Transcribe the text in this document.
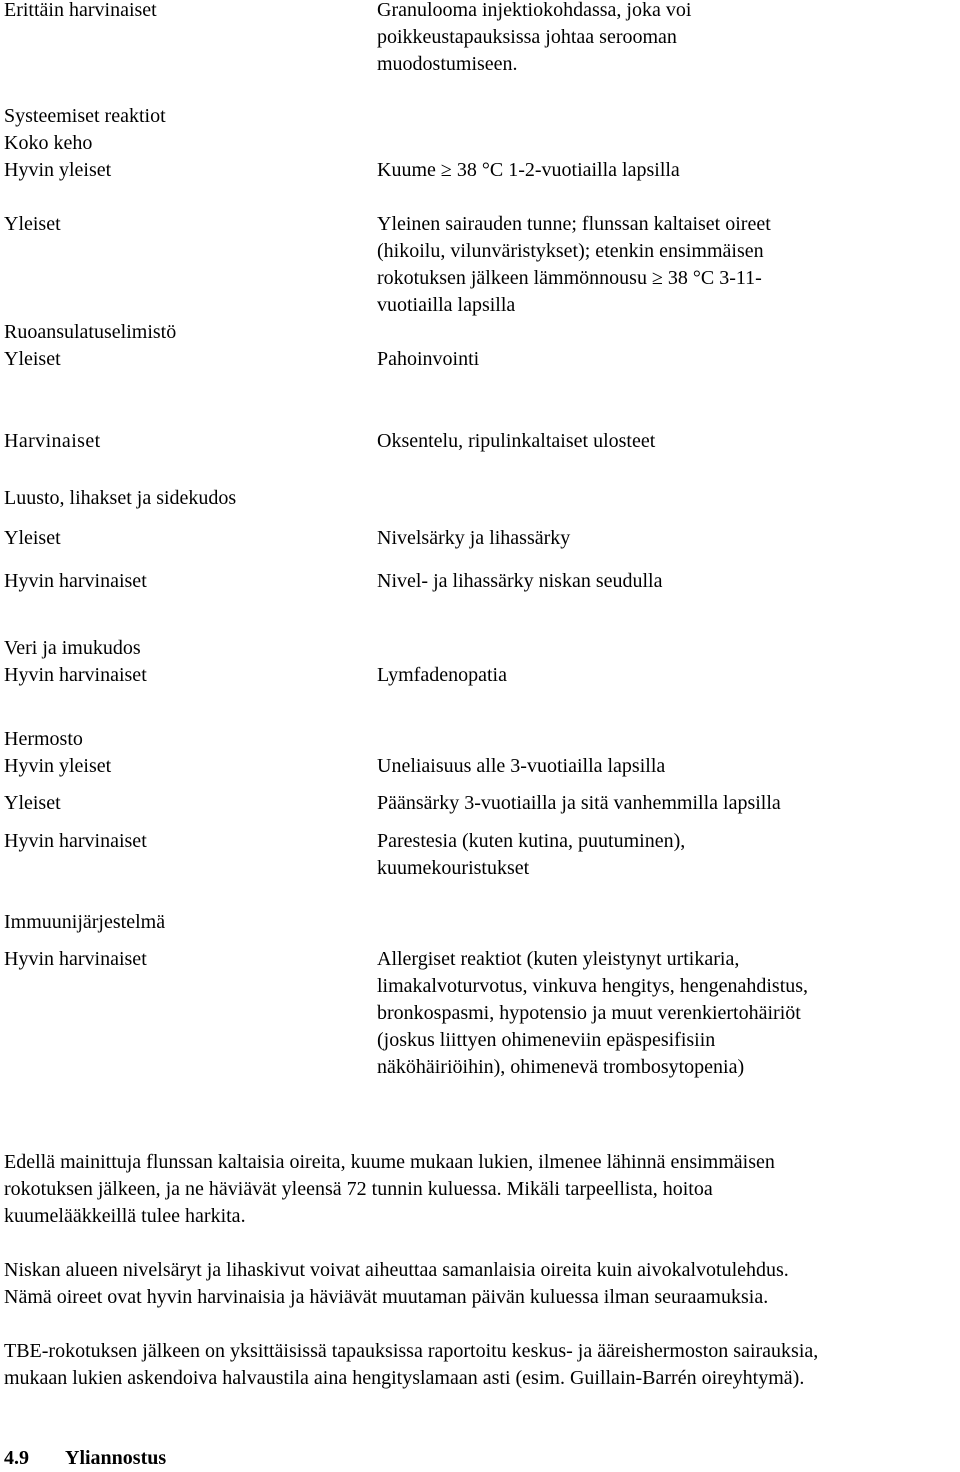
Erittäin harvinaiset	Granulooma injektiokohdassa, joka voi
poikkeustapauksissa johtaa serooman
muodostumiseen.
Systeemiset reaktiot
Koko keho
Hyvin yleiset	Kuume ≥ 38 °C 1-2-vuotiailla lapsilla
Yleiset	Yleinen sairauden tunne; flunssan kaltaiset oireet
(hikoilu, vilunväristykset); etenkin ensimmäisen
rokotuksen jälkeen lämmönnousu ≥ 38 °C 3-11-
vuotiailla lapsilla
Ruoansulatuselimistö
Yleiset	Pahoinvointi
Harvinaiset	Oksentelu, ripulinkaltaiset ulosteet
Luusto, lihakset ja sidekudos
Yleiset	Nivelsärky ja lihassärky
Hyvin harvinaiset	Nivel- ja lihassärky niskan seudulla
Veri ja imukudos
Hyvin harvinaiset	Lymfadenopatia
Hermosto
Hyvin yleiset	Uneliaisuus alle 3-vuotiailla lapsilla
Yleiset	Päänsärky 3-vuotiailla ja sitä vanhemmilla lapsilla
Hyvin harvinaiset	Parestesia (kuten kutina, puutuminen),
kuumekouristukset
Immuunijärjestelmä
Hyvin harvinaiset	Allergiset reaktiot (kuten yleistynyt urtikaria,
limakalvoturvotus, vinkuva hengitys, hengenahdistus,
bronkospasmi, hypotensio ja muut verenkiertohäiriöt
(joskus liittyen ohimeneviin epäspesifisiin
näköhäiriöihin), ohimenevä trombosytopenia)
Edellä mainittuja flunssan kaltaisia oireita, kuume mukaan lukien, ilmenee lähinnä ensimmäisen
rokotuksen jälkeen, ja ne häviävät yleensä 72 tunnin kuluessa. Mikäli tarpeellista, hoitoa
kuumelääkkeillä tulee harkita.
Niskan alueen nivelsäryt ja lihaskivut voivat aiheuttaa samanlaisia oireita kuin aivokalvotulehdus.
Nämä oireet ovat hyvin harvinaisia ja häviävät muutaman päivän kuluessa ilman seuraamuksia.
TBE-rokotuksen jälkeen on yksittäisissä tapauksissa raportoitu keskus- ja ääreishermoston sairauksia,
mukaan lukien askendoiva halvaustila aina hengityslamaan asti (esim. Guillain-Barrén oireyhtymä).
4.9 Yliannostus
